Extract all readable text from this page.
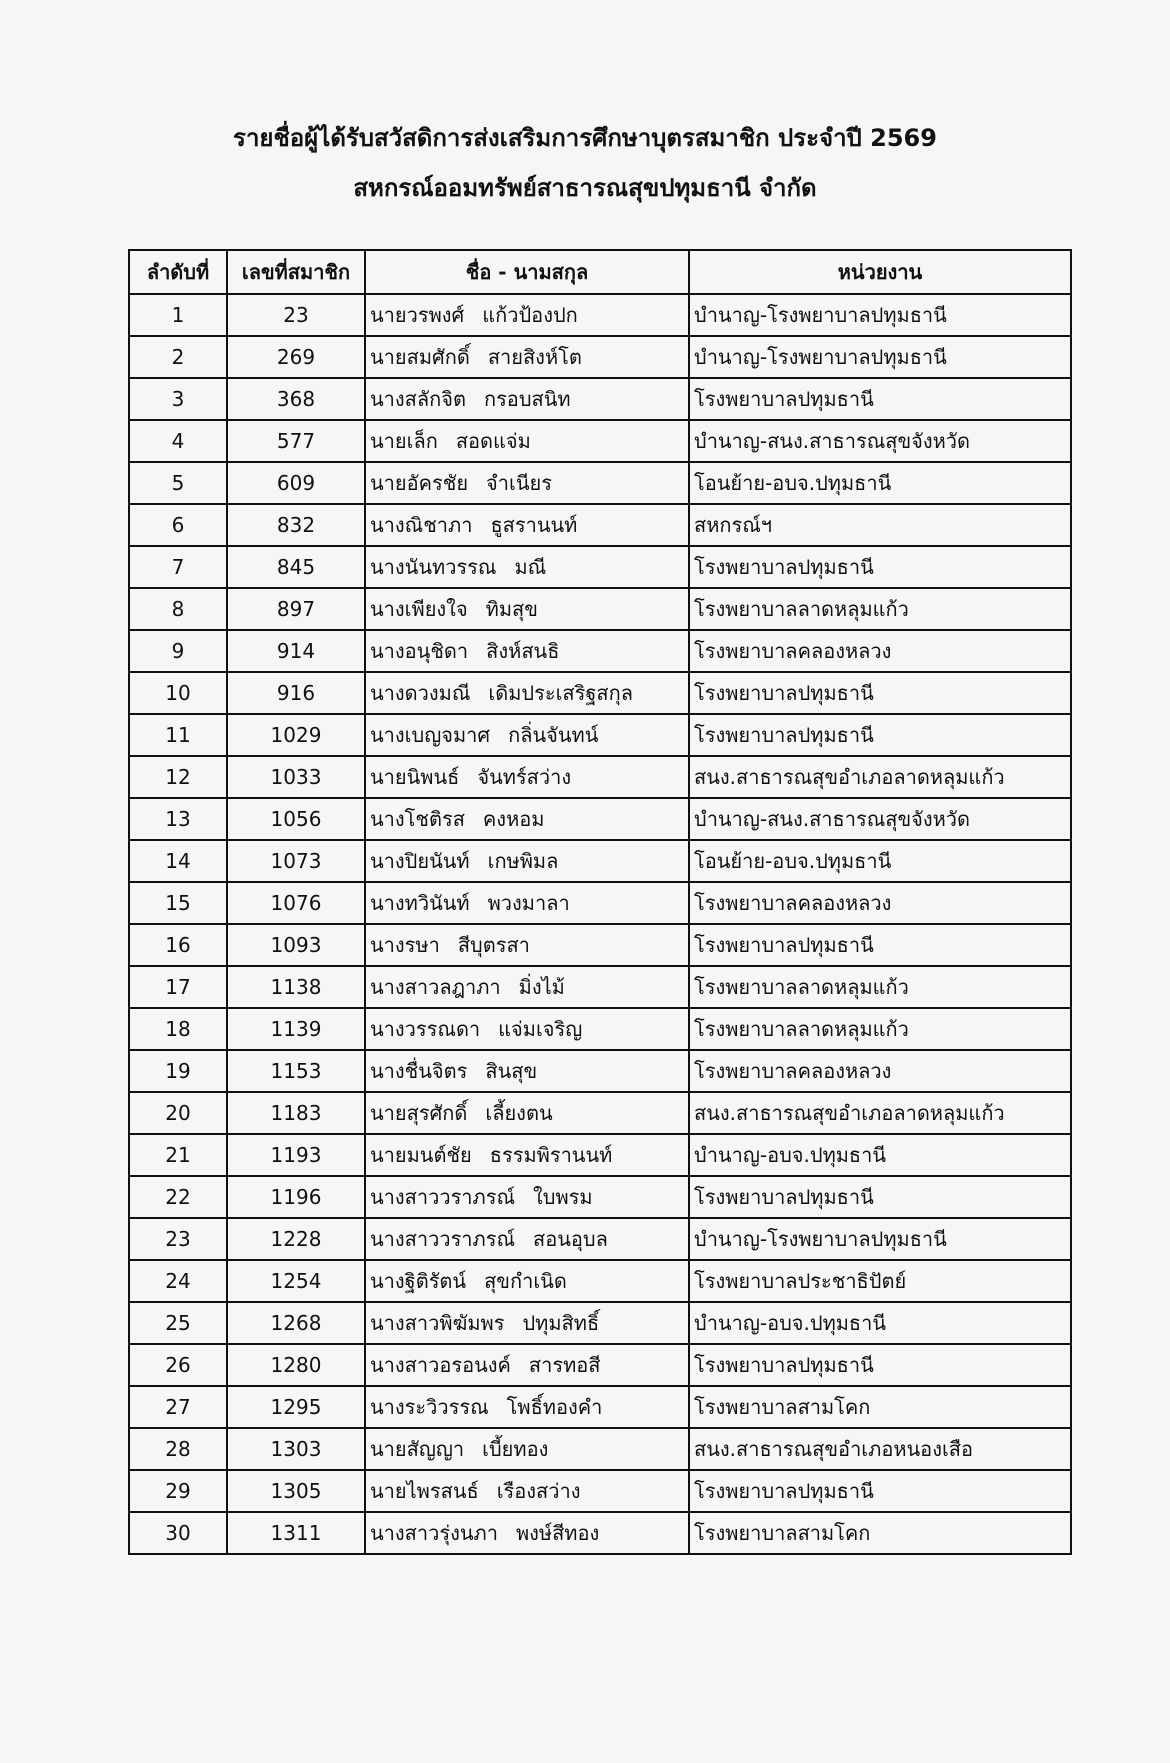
รายชื่อผู้ได้รับสวัสดิการส่งเสริมการศึกษาบุตรสมาชิก ประจำปี 2569
สหกรณ์ออมทรัพย์สาธารณสุขปทุมธานี จำกัด
ลำดับที่	เลขที่สมาชิก	ชื่อ - นามสกุล	หน่วยงาน
1	23	นายวรพงศ์ แก้วป้องปก	บำนาญ-โรงพยาบาลปทุมธานี
2	269	นายสมศักดิ์ สายสิงห์โต	บำนาญ-โรงพยาบาลปทุมธานี
3	368	นางสลักจิต กรอบสนิท	โรงพยาบาลปทุมธานี
4	577	นายเล็ก สอดแจ่ม	บำนาญ-สนง.สาธารณสุขจังหวัด
5	609	นายอัครชัย จำเนียร	โอนย้าย-อบจ.ปทุมธานี
6	832	นางณิชาภา ธูสรานนท์	สหกรณ์ฯ
7	845	นางนันทวรรณ มณี	โรงพยาบาลปทุมธานี
8	897	นางเพียงใจ ทิมสุข	โรงพยาบาลลาดหลุมแก้ว
9	914	นางอนุชิดา สิงห์สนธิ	โรงพยาบาลคลองหลวง
10	916	นางดวงมณี เดิมประเสริฐสกุล	โรงพยาบาลปทุมธานี
11	1029	นางเบญจมาศ กลิ่นจันทน์	โรงพยาบาลปทุมธานี
12	1033	นายนิพนธ์ จันทร์สว่าง	สนง.สาธารณสุขอำเภอลาดหลุมแก้ว
13	1056	นางโชติรส คงหอม	บำนาญ-สนง.สาธารณสุขจังหวัด
14	1073	นางปิยนันท์ เกษพิมล	โอนย้าย-อบจ.ปทุมธานี
15	1076	นางทวินันท์ พวงมาลา	โรงพยาบาลคลองหลวง
16	1093	นางรษา สีบุตรสา	โรงพยาบาลปทุมธานี
17	1138	นางสาวลฎาภา มิ่งไม้	โรงพยาบาลลาดหลุมแก้ว
18	1139	นางวรรณดา แจ่มเจริญ	โรงพยาบาลลาดหลุมแก้ว
19	1153	นางชื่นจิตร สินสุข	โรงพยาบาลคลองหลวง
20	1183	นายสุรศักดิ์ เลี้ยงตน	สนง.สาธารณสุขอำเภอลาดหลุมแก้ว
21	1193	นายมนต์ชัย ธรรมพิรานนท์	บำนาญ-อบจ.ปทุมธานี
22	1196	นางสาววราภรณ์ ใบพรม	โรงพยาบาลปทุมธานี
23	1228	นางสาววราภรณ์ สอนอุบล	บำนาญ-โรงพยาบาลปทุมธานี
24	1254	นางฐิติรัตน์ สุขกำเนิด	โรงพยาบาลประชาธิปัตย์
25	1268	นางสาวพิฆัมพร ปทุมสิทธิ์	บำนาญ-อบจ.ปทุมธานี
26	1280	นางสาวอรอนงค์ สารทอสี	โรงพยาบาลปทุมธานี
27	1295	นางระวิวรรณ โพธิ์ทองคำ	โรงพยาบาลสามโคก
28	1303	นายสัญญา เบี้ยทอง	สนง.สาธารณสุขอำเภอหนองเสือ
29	1305	นายไพรสนธ์ เรืองสว่าง	โรงพยาบาลปทุมธานี
30	1311	นางสาวรุ่งนภา พงษ์สีทอง	โรงพยาบาลสามโคก
